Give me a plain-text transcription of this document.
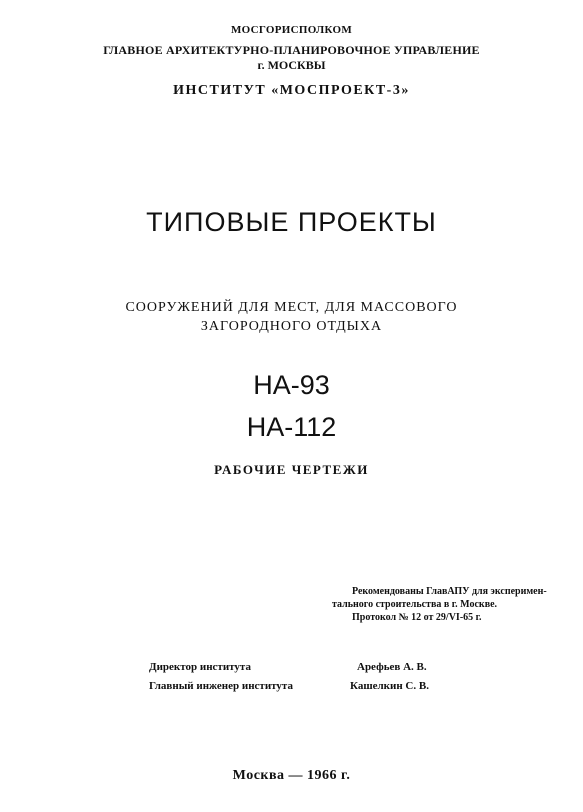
МОСГОРИСПОЛКОМ
ГЛАВНОЕ АРХИТЕКТУРНО-ПЛАНИРОВОЧНОЕ УПРАВЛЕНИЕ
г. МОСКВЫ
ИНСТИТУТ «МОСПРОЕКТ-3»
ТИПОВЫЕ ПРОЕКТЫ
СООРУЖЕНИЙ ДЛЯ МЕСТ, ДЛЯ МАССОВОГО
ЗАГОРОДНОГО ОТДЫХА
НА-93
НА-112
РАБОЧИЕ ЧЕРТЕЖИ
Рекомендованы ГлавАПУ для эксперимен-
тального строительства в г. Москве.
Протокол № 12 от 29/VI-65 г.
Директор института	Арефьев А. В.
Главный инженер института	Кашелкин С. В.
Москва — 1966 г.
